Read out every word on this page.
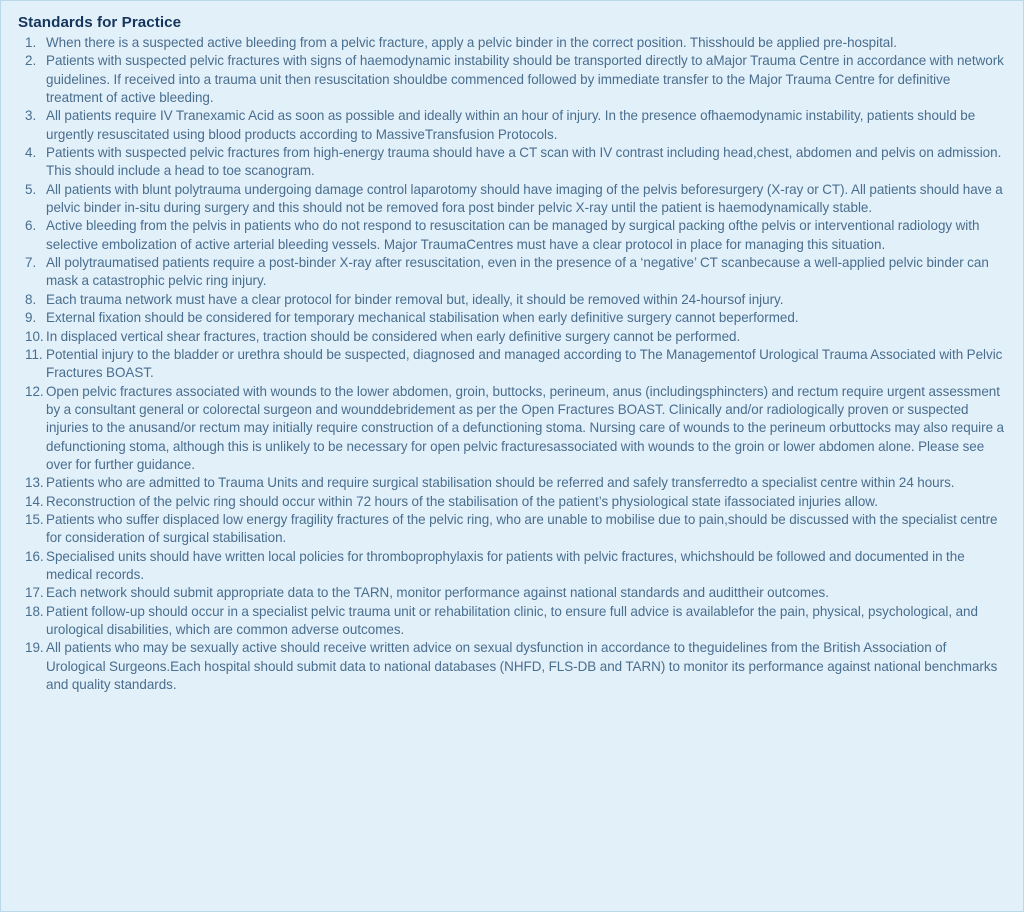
Standards for Practice
1. When there is a suspected active bleeding from a pelvic fracture, apply a pelvic binder in the correct position. Thisshould be applied pre-hospital.
2. Patients with suspected pelvic fractures with signs of haemodynamic instability should be transported directly to aMajor Trauma Centre in accordance with network guidelines. If received into a trauma unit then resuscitation shouldbe commenced followed by immediate transfer to the Major Trauma Centre for definitive treatment of active bleeding.
3. All patients require IV Tranexamic Acid as soon as possible and ideally within an hour of injury. In the presence ofhaemodynamic instability, patients should be urgently resuscitated using blood products according to MassiveTransfusion Protocols.
4. Patients with suspected pelvic fractures from high-energy trauma should have a CT scan with IV contrast including head,chest, abdomen and pelvis on admission. This should include a head to toe scanogram.
5. All patients with blunt polytrauma undergoing damage control laparotomy should have imaging of the pelvis beforesurgery (X-ray or CT). All patients should have a pelvic binder in-situ during surgery and this should not be removed fora post binder pelvic X-ray until the patient is haemodynamically stable.
6. Active bleeding from the pelvis in patients who do not respond to resuscitation can be managed by surgical packing ofthe pelvis or interventional radiology with selective embolization of active arterial bleeding vessels. Major TraumaCentres must have a clear protocol in place for managing this situation.
7. All polytraumatised patients require a post-binder X-ray after resuscitation, even in the presence of a ‘negative’ CT scanbecause a well-applied pelvic binder can mask a catastrophic pelvic ring injury.
8. Each trauma network must have a clear protocol for binder removal but, ideally, it should be removed within 24-hoursof injury.
9. External fixation should be considered for temporary mechanical stabilisation when early definitive surgery cannot beperformed.
10. In displaced vertical shear fractures, traction should be considered when early definitive surgery cannot be performed.
11. Potential injury to the bladder or urethra should be suspected, diagnosed and managed according to The Managementof Urological Trauma Associated with Pelvic Fractures BOAST.
12. Open pelvic fractures associated with wounds to the lower abdomen, groin, buttocks, perineum, anus (includingsphincters) and rectum require urgent assessment by a consultant general or colorectal surgeon and wounddebridement as per the Open Fractures BOAST. Clinically and/or radiologically proven or suspected injuries to the anusand/or rectum may initially require construction of a defunctioning stoma. Nursing care of wounds to the perineum orbuttocks may also require a defunctioning stoma, although this is unlikely to be necessary for open pelvic fracturesassociated with wounds to the groin or lower abdomen alone. Please see over for further guidance.
13. Patients who are admitted to Trauma Units and require surgical stabilisation should be referred and safely transferredto a specialist centre within 24 hours.
14. Reconstruction of the pelvic ring should occur within 72 hours of the stabilisation of the patient’s physiological state ifassociated injuries allow.
15. Patients who suffer displaced low energy fragility fractures of the pelvic ring, who are unable to mobilise due to pain,should be discussed with the specialist centre for consideration of surgical stabilisation.
16. Specialised units should have written local policies for thromboprophylaxis for patients with pelvic fractures, whichshould be followed and documented in the medical records.
17. Each network should submit appropriate data to the TARN, monitor performance against national standards and audittheir outcomes.
18. Patient follow-up should occur in a specialist pelvic trauma unit or rehabilitation clinic, to ensure full advice is availablefor the pain, physical, psychological, and urological disabilities, which are common adverse outcomes.
19. All patients who may be sexually active should receive written advice on sexual dysfunction in accordance to theguidelines from the British Association of Urological Surgeons.Each hospital should submit data to national databases (NHFD, FLS-DB and TARN) to monitor its performance against national benchmarks and quality standards.
